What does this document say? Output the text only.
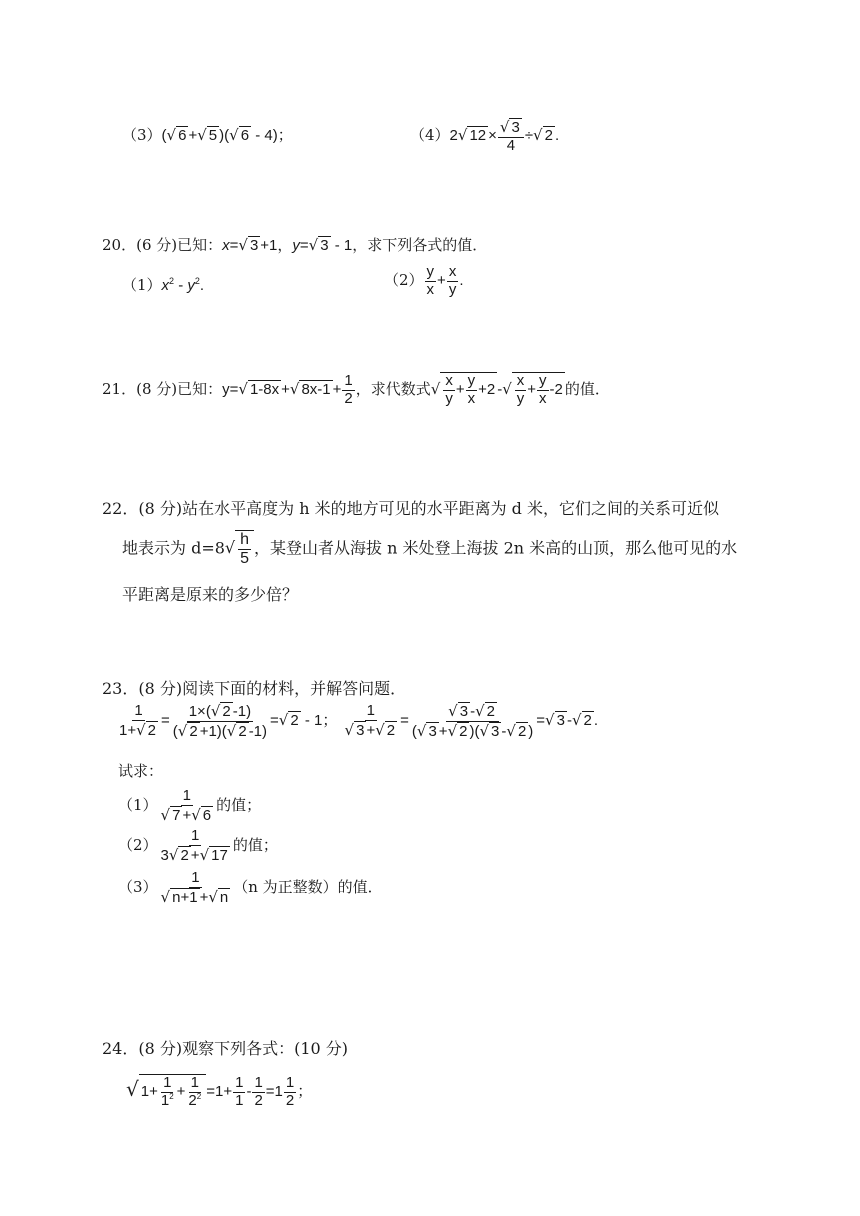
（3）(√ 6 +√ 5 )(√ 6 - 4)；	（4）2√ $12 \times \frac{√ 3}{4}$ ÷√ 2 .
20．(6 分)已知：x=√ 3 +1，y=√ 3 - 1，求下列各式的值．
$(1)x^2 - y^2$.	$(2) \frac{y}{x} + \frac{x}{y}$ .
21．(8 分)已知：y=√ 1-8x +√ $8x-1 + \frac{1}{2}$ ，求代数式√ $\frac{x}{y} + \frac{y}{x} +2$ -√ $\frac{x}{y} + \frac{y}{x} -2$ 的值．
22．(8 分)站在水平高度为 h 米的地方可见的水平距离为 d 米，它们之间的关系可近似
地表示为 $d=8√ \frac{h}{5}$ ，某登山者从海拔 n 米处登上海拔 2n 米高的山顶，那么他可见的水
平距离是原来的多少倍？
23．(8 分)阅读下面的材料，并解答问题．
$\frac{1}{1+√ 2} = \frac{1\times(√ 2 -1)}{(√ 2 +1)(√ 2 -1)}$ =√ 2 - 1； $\frac{1}{√ 3 +√ 2} = \frac{√ 3 -√ 2}{(√ 3 +√ 2 )(√ 3 -√ 2 )}$ =√ 3 -√ 2 .
试求：
$(1) \frac{1}{√ 7 +√ 6}$ 的值；
$(2) \frac{1}{3√ 2 +√ 17}$ 的值；
$(3) \frac{1}{√ n+1 +√ n} (n$ 为正整数）的值．
24．(8 分)观察下列各式：(10 分)
√ $1+ \frac{1}{1^2} + \frac{1}{2^2} =1+ \frac{1}{1} - \frac{1}{2} =1 \frac{1}{2}$ ；
